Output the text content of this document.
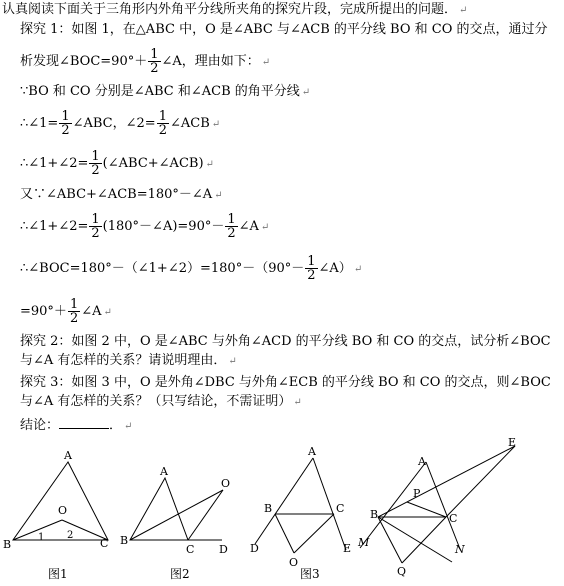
认真阅读下面关于三角形内外角平分线所夹角的探究片段，完成所提出的问题． ↵
探究 1：如图 1，在△ABC 中，O 是∠ABC 与∠ACB 的平分线 BO 和 CO 的交点，通过分
析发现∠BOC=90°＋ $\frac{1}{2}$ ∠A，理由如下： ↵
∵BO 和 CO 分别是∠ABC 和∠ACB 的角平分线 ↵
∴∠1= $\frac{1}{2}$ ∠ABC，∠2= $\frac{1}{2}$ ∠ACB ↵
∴∠1+∠2= $\frac{1}{2}$ (∠ABC+∠ACB) ↵
又∵∠ABC+∠ACB=180°－∠A ↵
∴∠1+∠2= $\frac{1}{2}$ (180°－∠A)=90°－ $\frac{1}{2}$ ∠A ↵
∴∠BOC=180°－（∠1+∠2）=180°－（90°－ $\frac{1}{2}$ ∠A） ↵
$=90^\circ+ \frac{1}{2}$ ∠A ↵
探究 2：如图 2 中，O 是∠ABC 与外角∠ACD 的平分线 BO 和 CO 的交点，试分析∠BOC
与∠A 有怎样的关系？请说明理由． ↵
探究 3：如图 3 中，O 是外角∠DBC 与外角∠ECB 的平分线 BO 和 CO 的交点，则∠BOC
与∠A 有怎样的关系？（只写结论，不需证明） ↵
结论：	． ↵
A
B	C
O
1 2
图1
A
B
C D
O
图2
A
B	C
D	E
O
图3
A
B	C
E
P
M
N
Q
